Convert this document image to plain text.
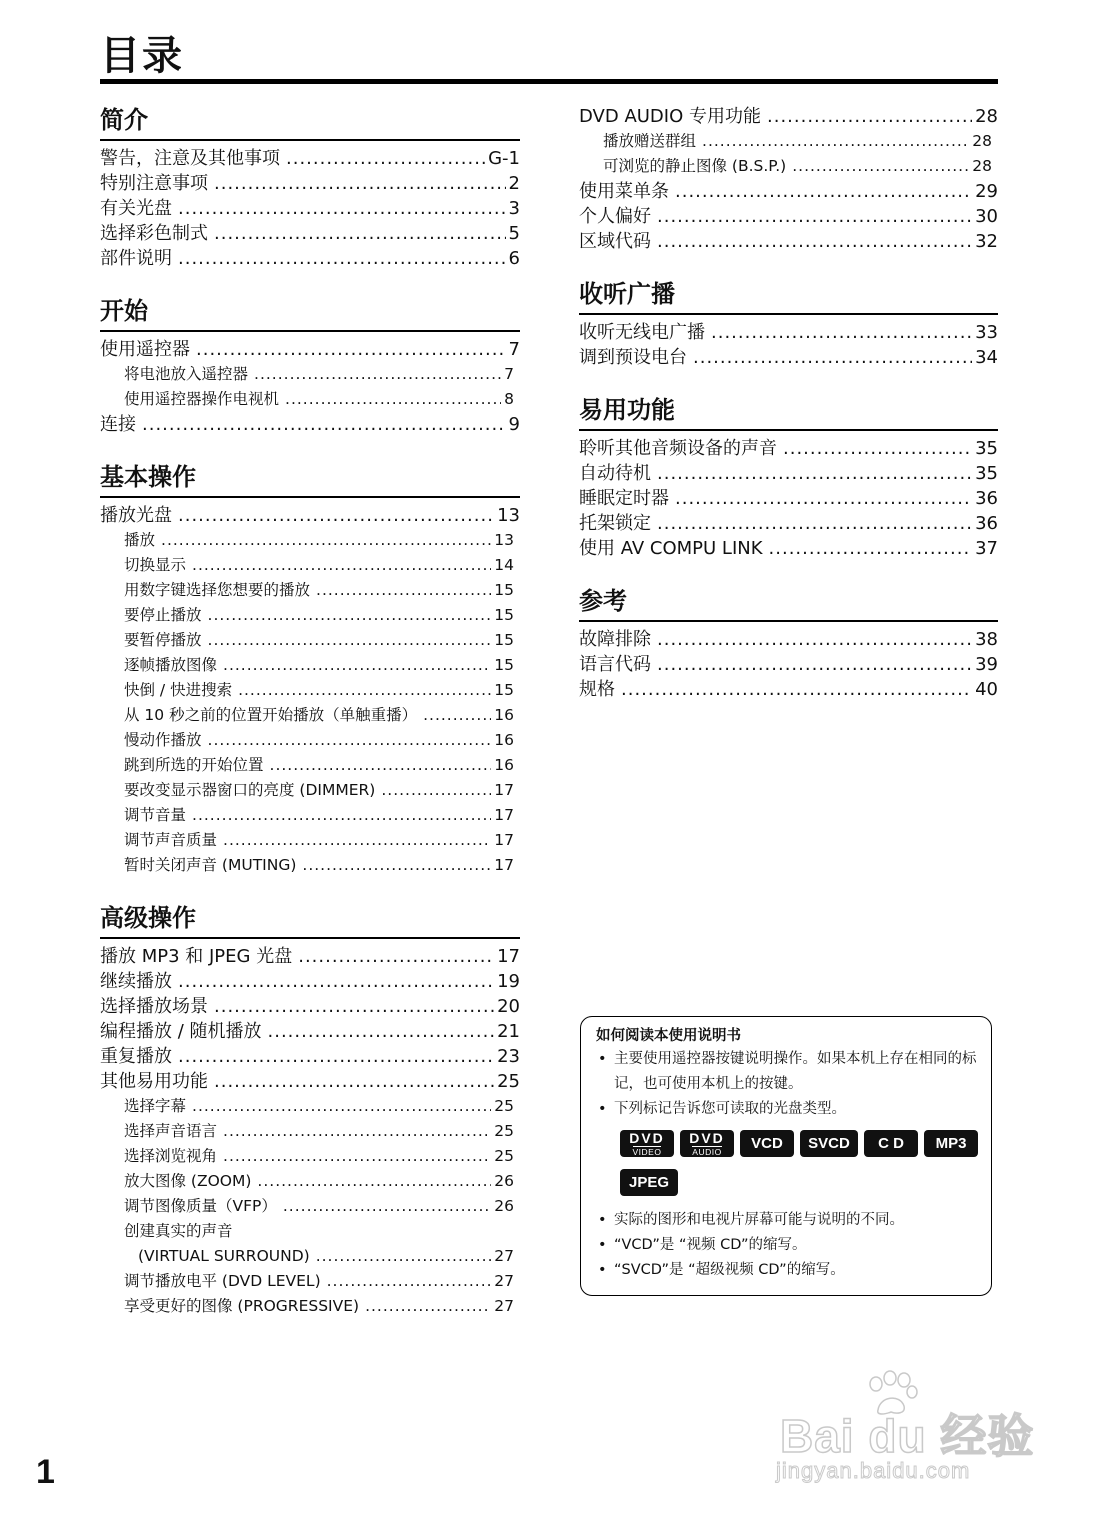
目录
简介
警告，注意及其他事项 .....	G-1
特别注意事项 .....	2
有关光盘 .....	3
选择彩色制式 .....	5
部件说明 .....	6
开始
使用遥控器 .....	7
将电池放入遥控器 .....	7
使用遥控器操作电视机 .....	8
连接 .....	9
基本操作
播放光盘 .....	13
播放 .....	13
切换显示 .....	14
用数字键选择您想要的播放 .....	15
要停止播放 .....	15
要暂停播放 .....	15
逐帧播放图像 .....	15
快倒 / 快进搜索 .....	15
从 10 秒之前的位置开始播放（单触重播） .....	16
慢动作播放 .....	16
跳到所选的开始位置 .....	16
要改变显示器窗口的亮度 (DIMMER) .....	17
调节音量 .....	17
调节声音质量 .....	17
暂时关闭声音 (MUTING) .....	17
高级操作
播放 MP3 和 JPEG 光盘 .....	17
继续播放 .....	19
选择播放场景 .....	20
编程播放 / 随机播放 .....	21
重复播放 .....	23
其他易用功能 .....	25
选择字幕 .....	25
选择声音语言 .....	25
选择浏览视角 .....	25
放大图像 (ZOOM) .....	26
调节图像质量（VFP） .....	26
创建真实的声音
(VIRTUAL SURROUND) .....	27
调节播放电平 (DVD LEVEL) .....	27
享受更好的图像 (PROGRESSIVE) .....	27
DVD AUDIO 专用功能 .....	28
播放赠送群组 .....	28
可浏览的静止图像 (B.S.P.) .....	28
使用菜单条 .....	29
个人偏好 .....	30
区域代码 .....	32
收听广播
收听无线电广播 .....	33
调到预设电台 .....	34
易用功能
聆听其他音频设备的声音 .....	35
自动待机 .....	35
睡眠定时器 .....	36
托架锁定 .....	36
使用 AV COMPU LINK .....	37
参考
故障排除 .....	38
语言代码 .....	39
规格 .....	40
如何阅读本使用说明书
• 主要使用遥控器按键说明操作。如果本机上存在相同的标记，也可使用本机上的按键。
• 下列标记告诉您可读取的光盘类型。
DVD
VIDEO
DVD
AUDIO	VCD	SVCD	C D	MP3
JPEG
• 实际的图形和电视片屏幕可能与说明的不同。
• “VCD”是 “视频 CD”的缩写。
• “SVCD”是 “超级视频 CD”的缩写。
1
Bai du 经验
jingyan.baidu.com
